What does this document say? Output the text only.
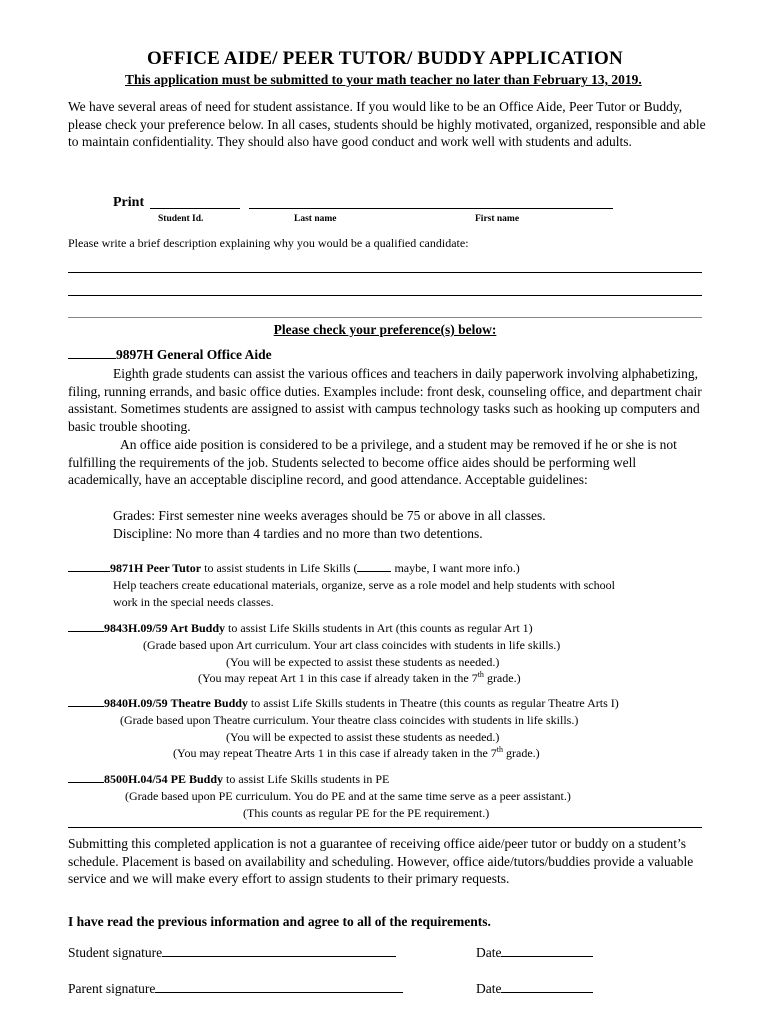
OFFICE AIDE/ PEER TUTOR/ BUDDY APPLICATION
This application must be submitted to your math teacher no later than February 13, 2019.
We have several areas of need for student assistance. If you would like to be an Office Aide, Peer Tutor or Buddy, please check your preference below. In all cases, students should be highly motivated, organized, responsible and able to maintain confidentiality. They should also have good conduct and work well with students and adults.
Print
Student Id.	Last name	First name
Please write a brief description explaining why you would be a qualified candidate:
Please check your preference(s) below:
9897H General Office Aide
Eighth grade students can assist the various offices and teachers in daily paperwork involving alphabetizing, filing, running errands, and basic office duties. Examples include: front desk, counseling office, and department chair assistant. Sometimes students are assigned to assist with campus technology tasks such as hooking up computers and basic trouble shooting.
An office aide position is considered to be a privilege, and a student may be removed if he or she is not fulfilling the requirements of the job. Students selected to become office aides should be performing well academically, have an acceptable discipline record, and good attendance. Acceptable guidelines:
Grades: First semester nine weeks averages should be 75 or above in all classes.
Discipline: No more than 4 tardies and no more than two detentions.
9871H Peer Tutor to assist students in Life Skills (	maybe, I want more info.)
Help teachers create educational materials, organize, serve as a role model and help students with school
work in the special needs classes.
9843H.09/59 Art Buddy to assist Life Skills students in Art (this counts as regular Art 1)
(Grade based upon Art curriculum. Your art class coincides with students in life skills.)
(You will be expected to assist these students as needed.)
(You may repeat Art 1 in this case if already taken in the 7th grade.)
9840H.09/59 Theatre Buddy to assist Life Skills students in Theatre (this counts as regular Theatre Arts I)
(Grade based upon Theatre curriculum. Your theatre class coincides with students in life skills.)
(You will be expected to assist these students as needed.)
(You may repeat Theatre Arts 1 in this case if already taken in the 7th grade.)
8500H.04/54 PE Buddy to assist Life Skills students in PE
(Grade based upon PE curriculum. You do PE and at the same time serve as a peer assistant.)
(This counts as regular PE for the PE requirement.)
Submitting this completed application is not a guarantee of receiving office aide/peer tutor or buddy on a student’s schedule. Placement is based on availability and scheduling. However, office aide/tutors/buddies provide a valuable service and we will make every effort to assign students to their primary requests.
I have read the previous information and agree to all of the requirements.
Student signature	Date
Parent signature	Date
